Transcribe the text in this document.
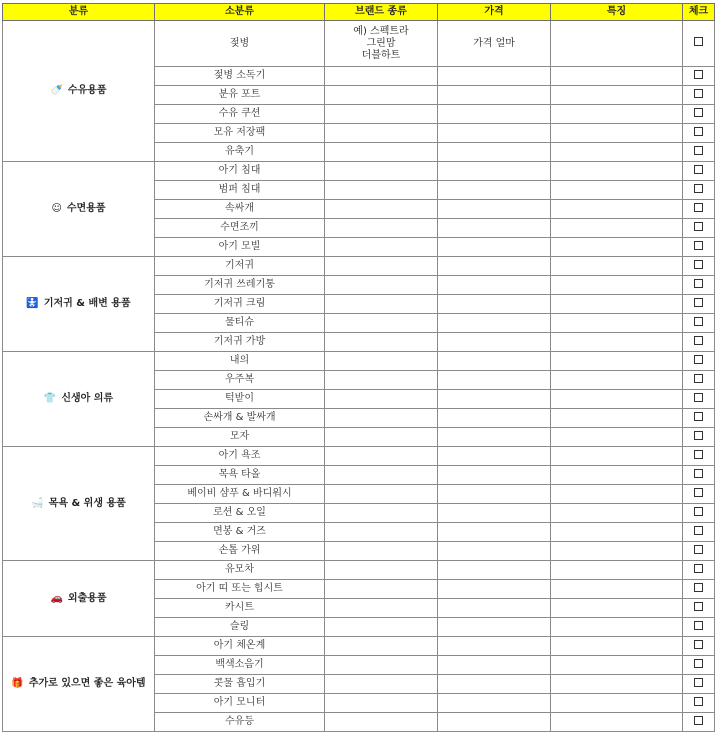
분류	소분류	브랜드 종류	가격	특징	체크
🍼 수유용품	젖병	예) 스펙트라
그린맘
더블하트	가격 얼마		
	젖병 소독기				
	분유 포트				
	수유 쿠션				
	모유 저장팩				
	유축기				
☺ 수면용품	아기 침대				
	범퍼 침대				
	속싸개				
	수면조끼				
	아기 모빌				
🚼 기저귀 & 배변 용품	기저귀				
	기저귀 쓰레기통				
	기저귀 크림				
	물티슈				
	기저귀 가방				
👕 신생아 의류	내의				
	우주복				
	턱받이				
	손싸개 & 발싸개				
	모자				
🛁 목욕 & 위생 용품	아기 욕조				
	목욕 타올				
	베이비 샴푸 & 바디워시				
	로션 & 오일				
	면봉 & 거즈				
	손톱 가위				
🚗 외출용품	유모차				
	아기 띠 또는 힙시트				
	카시트				
	슬링				
🎁 추가로 있으면 좋은 육아템	아기 체온계				
	백색소음기				
	콧물 흡입기				
	아기 모니터				
	수유등				
